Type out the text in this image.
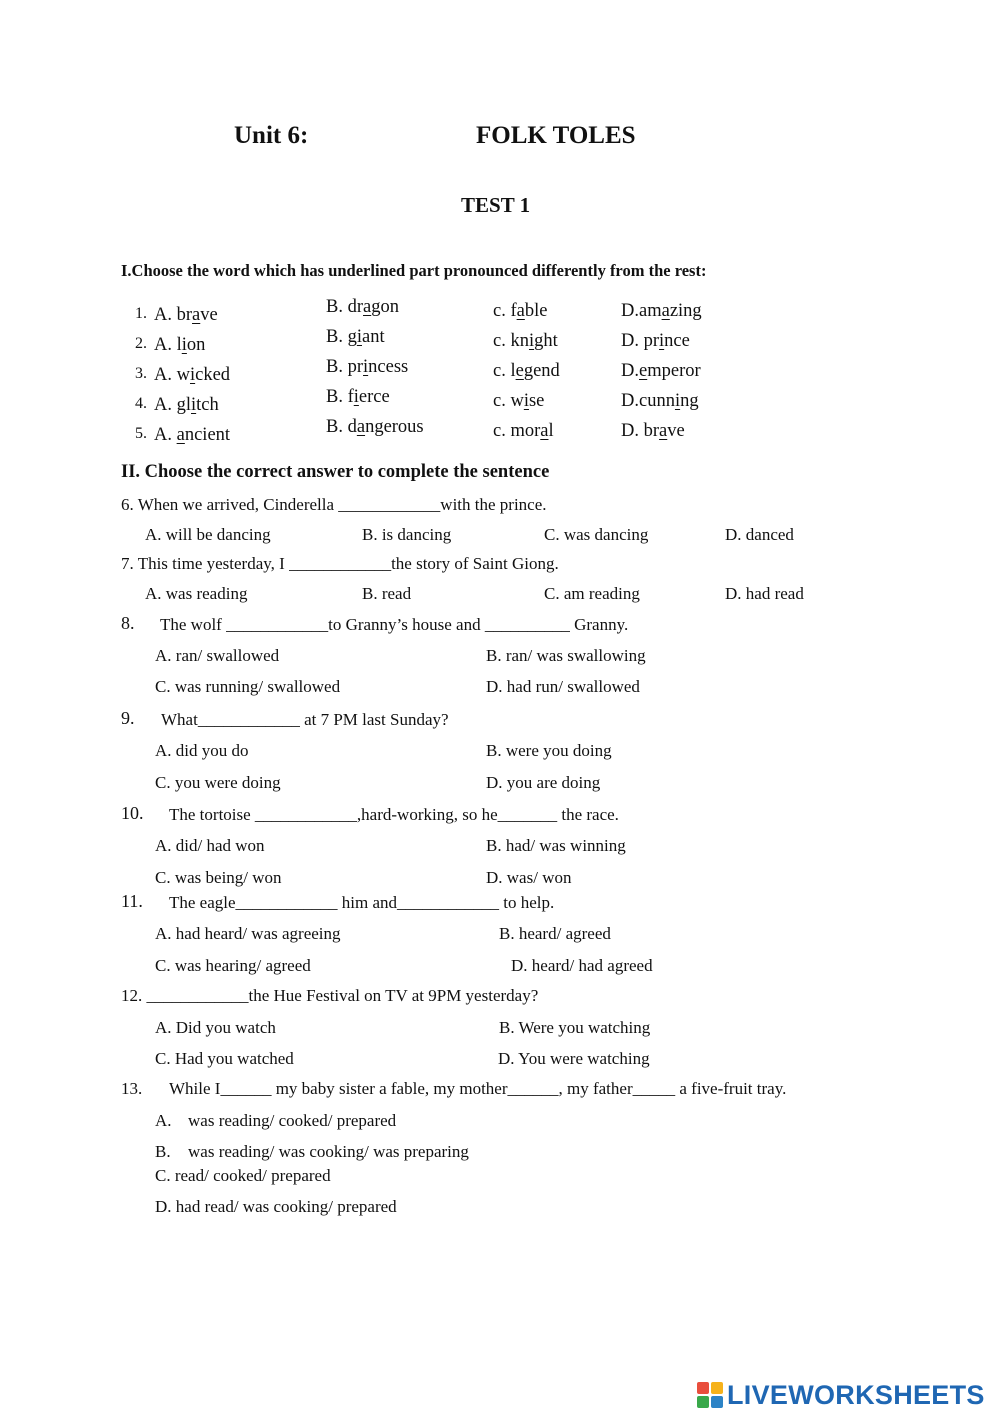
Unit 6:	FOLK TOLES
TEST 1
I.Choose the word which has underlined part pronounced differently from the rest:
1. A. brave	B. dragon	c. fable	D.amazing
2. A. lion	B. giant	c. knight	D. prince
3. A. wicked	B. princess	c. legend	D.emperor
4. A. glitch	B. fierce	c. wise	D.cunning
5. A. ancient	B. dangerous	c. moral	D. brave
II. Choose the correct answer to complete the sentence
6. When we arrived, Cinderella ____________with the prince.
A. will be dancing	B. is dancing	C. was dancing	D. danced
7. This time yesterday, I ____________the story of Saint Giong.
A. was reading	B. read	C. am reading	D. had read
8. The wolf ____________to Granny’s house and __________ Granny.
A. ran/ swallowed	B. ran/ was swallowing
C. was running/ swallowed	D. had run/ swallowed
9. What____________ at 7 PM last Sunday?
A. did you do	B. were you doing
C. you were doing	D. you are doing
10. The tortoise ____________,hard-working, so he_______ the race.
A. did/ had won	B. had/ was winning
C. was being/ won	D. was/ won
11. The eagle____________ him and____________ to help.
A. had heard/ was agreeing	B. heard/ agreed
C. was hearing/ agreed	D. heard/ had agreed
12. ____________the Hue Festival on TV at 9PM yesterday?
A. Did you watch	B. Were you watching
C. Had you watched	D. You were watching
13. While I______ my baby sister a fable, my mother______, my father_____ a five-fruit tray.
A. was reading/ cooked/ prepared
B. was reading/ was cooking/ was preparing
C. read/ cooked/ prepared
D. had read/ was cooking/ prepared
LIVEWORKSHEETS
